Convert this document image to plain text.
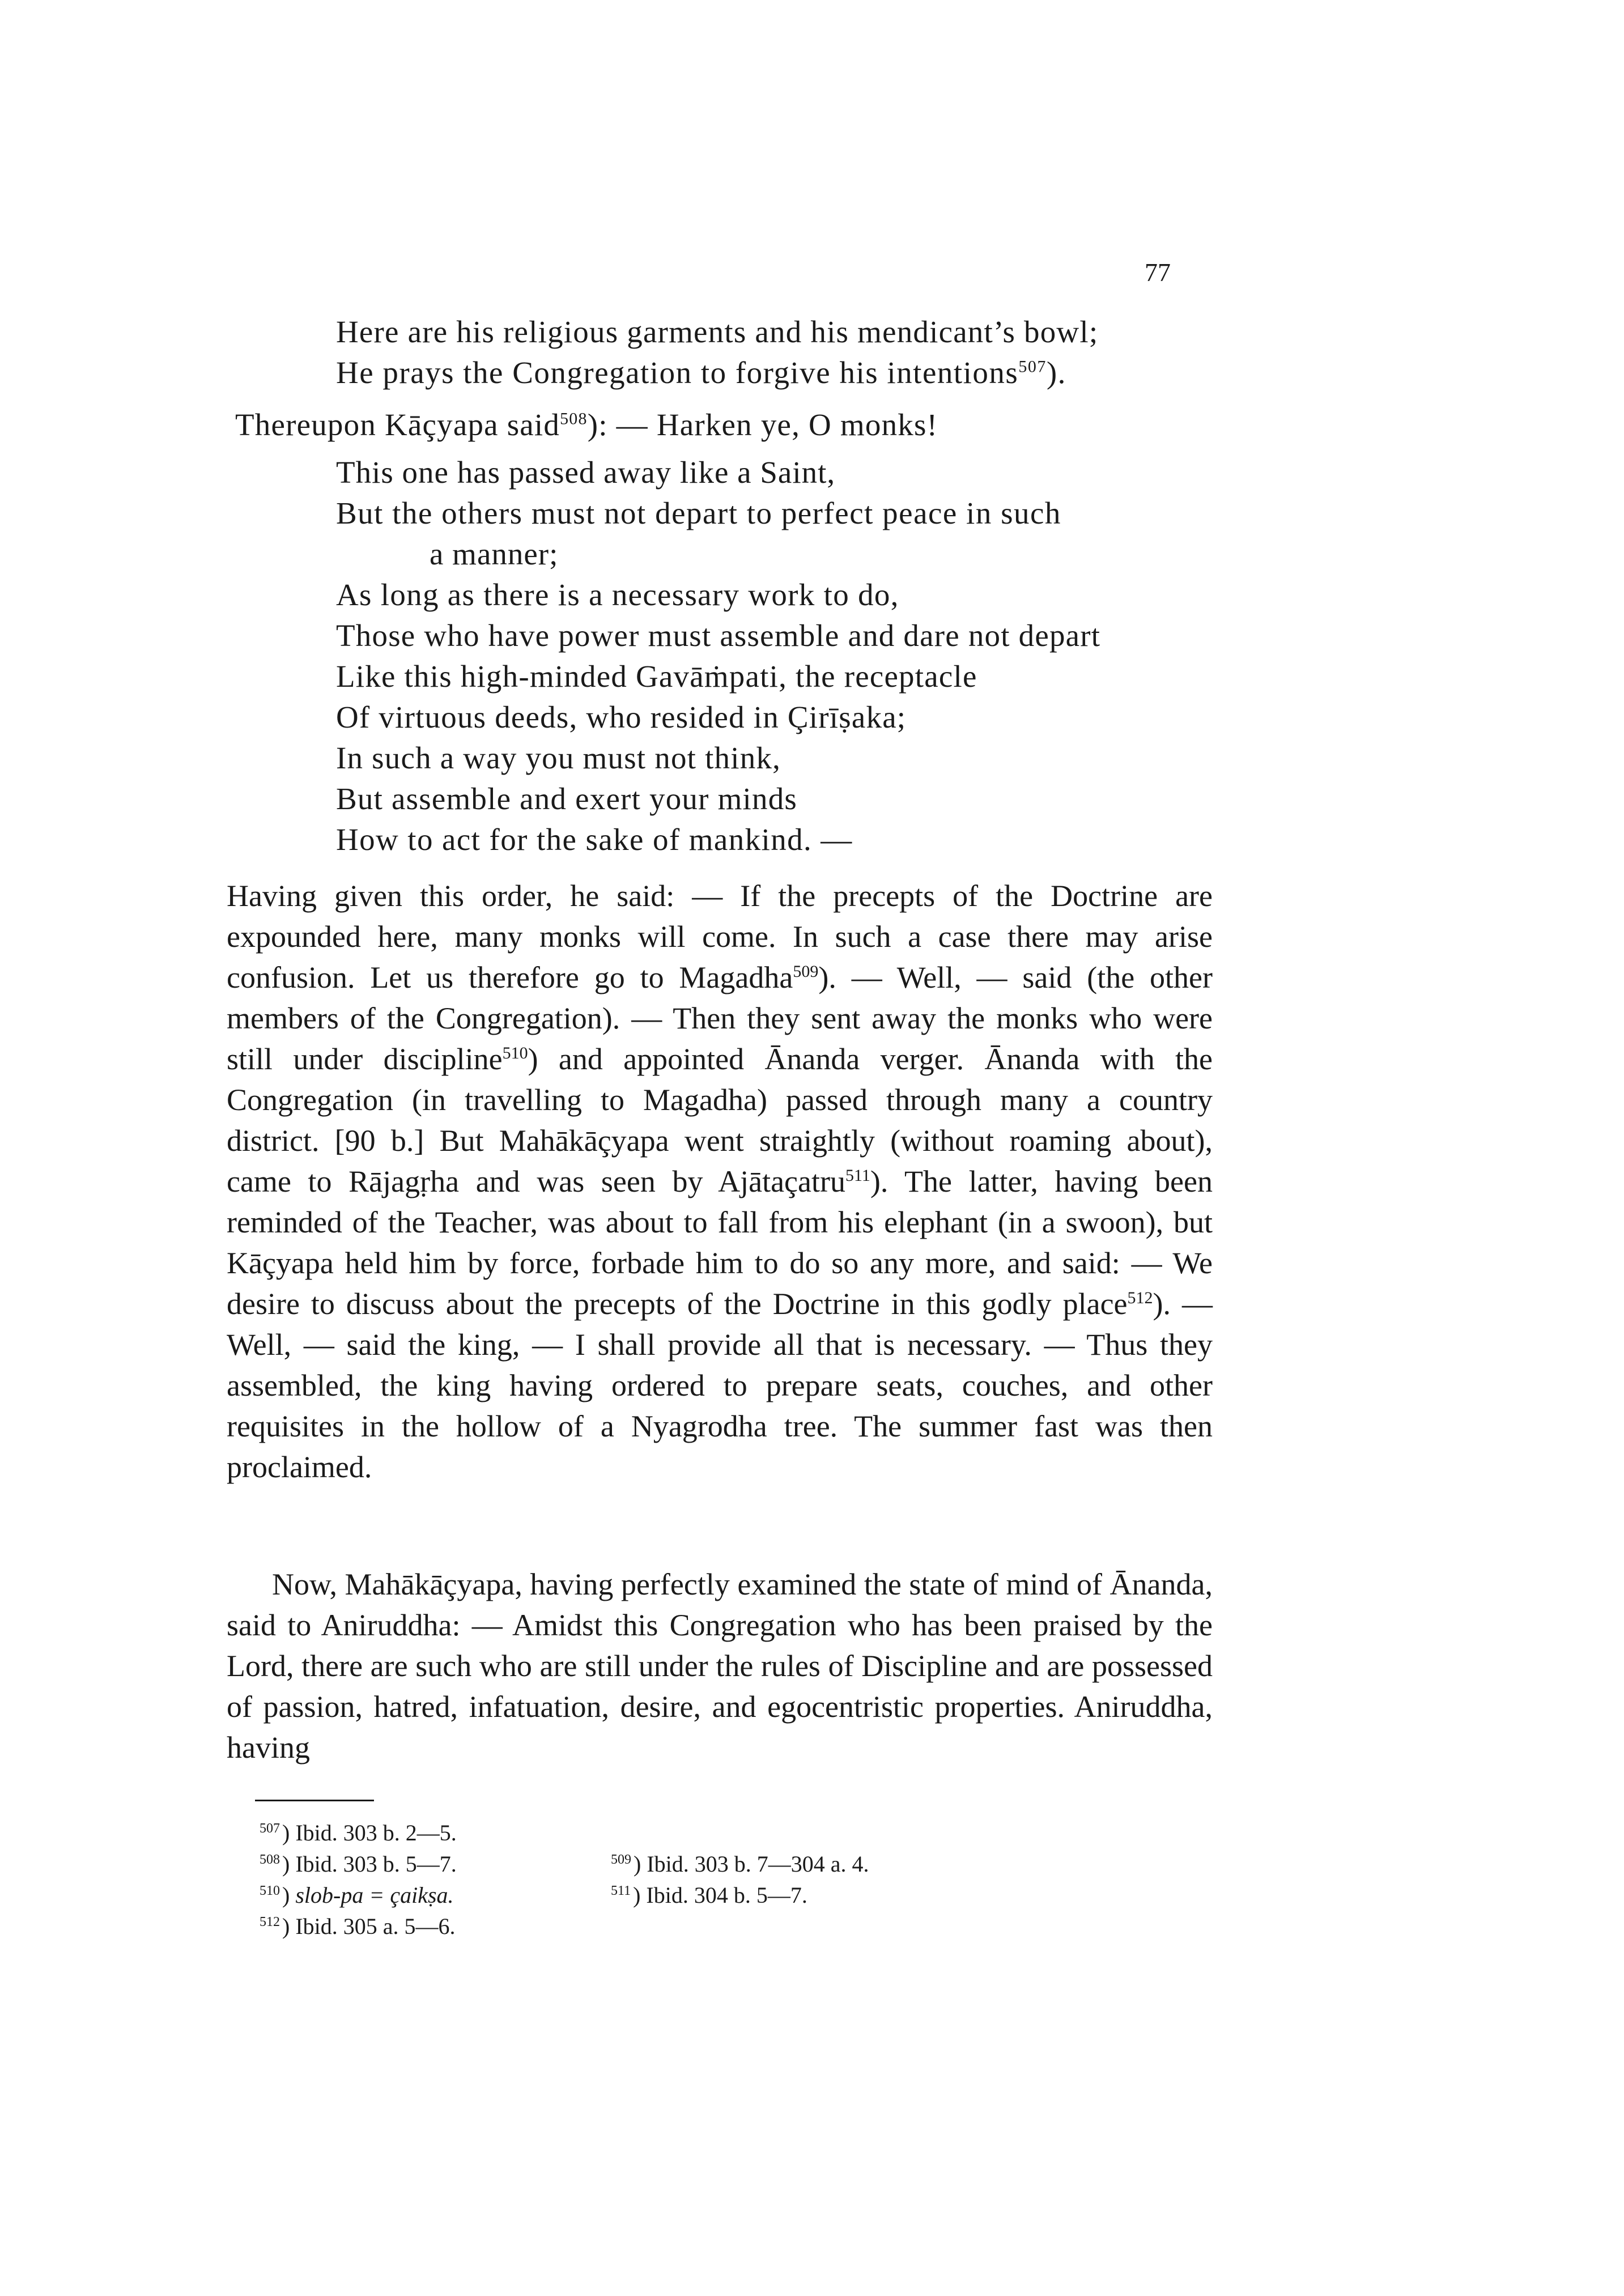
77
Here are his religious garments and his mendicant’s bowl;
He prays the Congregation to forgive his intentions$^{507}$).
Thereupon Kāçyapa said$^{508}$): — Harken ye, O monks!
This one has passed away like a Saint,
But the others must not depart to perfect peace in such
a manner;
As long as there is a necessary work to do,
Those who have power must assemble and dare not depart
Like this high-minded Gavāṁpati, the receptacle
Of virtuous deeds, who resided in Çirīṣaka;
In such a way you must not think,
But assemble and exert your minds
How to act for the sake of mankind. —

Having given this order, he said: — If the precepts of the Doctrine are expounded here, many monks will come. In such a case there may arise confusion. Let us therefore go to Magadha$^{509}$). — Well, — said (the other members of the Congregation). — Then they sent away the monks who were still under discipline$^{510}$) and appointed Ānanda verger. Ānanda with the Congregation (in travelling to Magadha) passed through many a country district. [90 b.] But Mahākāçyapa went straightly (without roaming about), came to Rājagṛha and was seen by Ajātaçatru$^{511}$). The latter, having been reminded of the Teacher, was about to fall from his elephant (in a swoon), but Kāçyapa held him by force, forbade him to do so any more, and said: — We desire to discuss about the precepts of the Doctrine in this godly place$^{512}$). — Well, — said the king, — I shall provide all that is necessary. — Thus they assembled, the king having ordered to prepare seats, couches, and other requisites in the hollow of a Nyagrodha tree. The summer fast was then proclaimed.

Now, Mahākāçyapa, having perfectly examined the state of mind of Ānanda, said to Aniruddha: — Amidst this Congregation who has been praised by the Lord, there are such who are still under the rules of Discipline and are possessed of passion, hatred, infatuation, desire, and egocentristic properties. Aniruddha, having

$^{507}$ ) Ibid. 303 b. 2—5.
$^{508}$ ) Ibid. 303 b. 5—7.	$^{509}$ ) Ibid. 303 b. 7—304 a. 4.
$^{510}$ ) slob-pa = çaikṣa.	$^{511}$ ) Ibid. 304 b. 5—7.
$^{512}$ ) Ibid. 305 a. 5—6.
